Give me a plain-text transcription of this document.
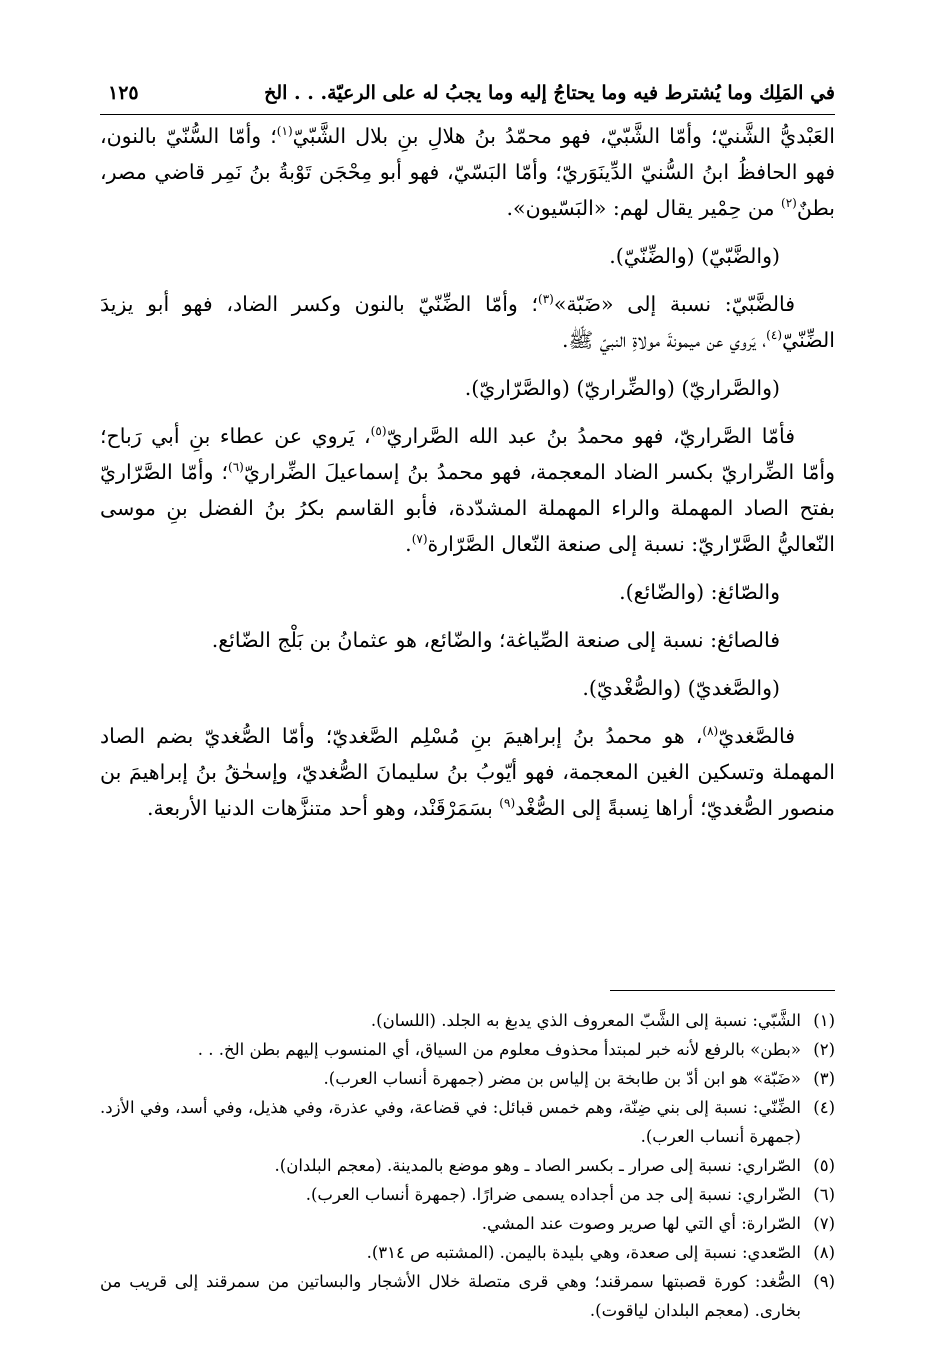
في المَلِك وما يُشترط فيه وما يحتاجُ إليه وما يجبُ له على الرعيّة. . . الخ
١٢٥

العَبْديُّ الشَّنيّ؛ وأمّا الشَّبّيّ، فهو محمّدُ بنُ هلالِ بنِ بلال الشَّبّيّ$^{(١)}$؛ وأمّا السُّنّيّ بالنون، فهو الحافظُ ابنُ السُّنيّ الدِّينَوَريّ؛ وأمّا البَسّيّ، فهو أبو مِحْجَن تَوْبةُ بنُ نَمِر قاضي مصر، بطنٌ$^{(٢)}$ من حِمْير يقال لهم: «البَسّيون».

(والضَّبّيّ) (والضِّنّيّ).

فالضَّبّيّ: نسبة إلى «ضَبّة»$^{(٣)}$؛ وأمّا الضِّنّيّ بالنون وكسر الضاد، فهو أبو يزيدَ الضِّنّيّ$^{(٤)}$، يَروي عن ميمونةَ مولاةِ النبيّ ﷺ.

(والصَّراريّ) (والضِّراريّ) (والصَّرّاريّ).

فأمّا الصَّراريّ، فهو محمدُ بنُ عبد الله الصَّراريّ$^{(٥)}$، يَروي عن عطاء بنِ أبي رَباح؛ وأمّا الضِّراريّ بكسر الضاد المعجمة، فهو محمدُ بنُ إسماعيلَ الضِّراريّ$^{(٦)}$؛ وأمّا الصَّرّاريّ بفتح الصاد المهملة والراء المهملة المشدّدة، فأبو القاسم بكرُ بنُ الفضل بنِ موسى النّعاليُّ الصَّرّاريّ: نسبة إلى صنعة النّعال الصَّرّارة$^{(٧)}$.

والصّائغ: (والضّائع).

فالصائغ: نسبة إلى صنعة الصِّياغة؛ والضّائع، هو عثمانُ بن بَلْج الضّائع.

(والصَّغديّ) (والصُّغْديّ).

فالصَّغديّ$^{(٨)}$، هو محمدُ بنُ إبراهيمَ بنِ مُسْلِم الصَّغديّ؛ وأمّا الصُّغديّ بضم الصاد المهملة وتسكين الغين المعجمة، فهو أيّوبُ بنُ سليمانَ الصُّغديّ، وإسحٰقُ بنُ إبراهيمَ بن منصور الصُّغديّ؛ أراها نِسبةً إلى الصُّغْد$^{(٩)}$ بسَمَرْقَنْد، وهو أحد متنزَّهات الدنيا الأربعة.

(١)
الشَّبّي: نسبة إلى الشَّبّ المعروف الذي يدبغ به الجلد. (اللسان).
(٢)
«بطن» بالرفع لأنه خبر لمبتدأ محذوف معلوم من السياق، أي المنسوب إليهم بطن الخ. . .
(٣)
«ضَبّة» هو ابن أدّ بن طابخة بن إلياس بن مضر (جمهرة أنساب العرب).
(٤)
الضِّنّي: نسبة إلى بني ضِنّة، وهم خمس قبائل: في قضاعة، وفي عذرة، وفي هذيل، وفي أسد، وفي الأزد. (جمهرة أنساب العرب).
(٥)
الصّراري: نسبة إلى صرار ـ بكسر الصاد ـ وهو موضع بالمدينة. (معجم البلدان).
(٦)
الضّراري: نسبة إلى جد من أجداده يسمى ضرارًا. (جمهرة أنساب العرب).
(٧)
الصّرارة: أي التي لها صرير وصوت عند المشي.
(٨)
الصّعدي: نسبة إلى صعدة، وهي بليدة باليمن. (المشتبه ص ٣١٤).
(٩)
الصُّغد: كورة قصبتها سمرقند؛ وهي قرى متصلة خلال الأشجار والبساتين من سمرقند إلى قريب من بخارى. (معجم البلدان لياقوت).
